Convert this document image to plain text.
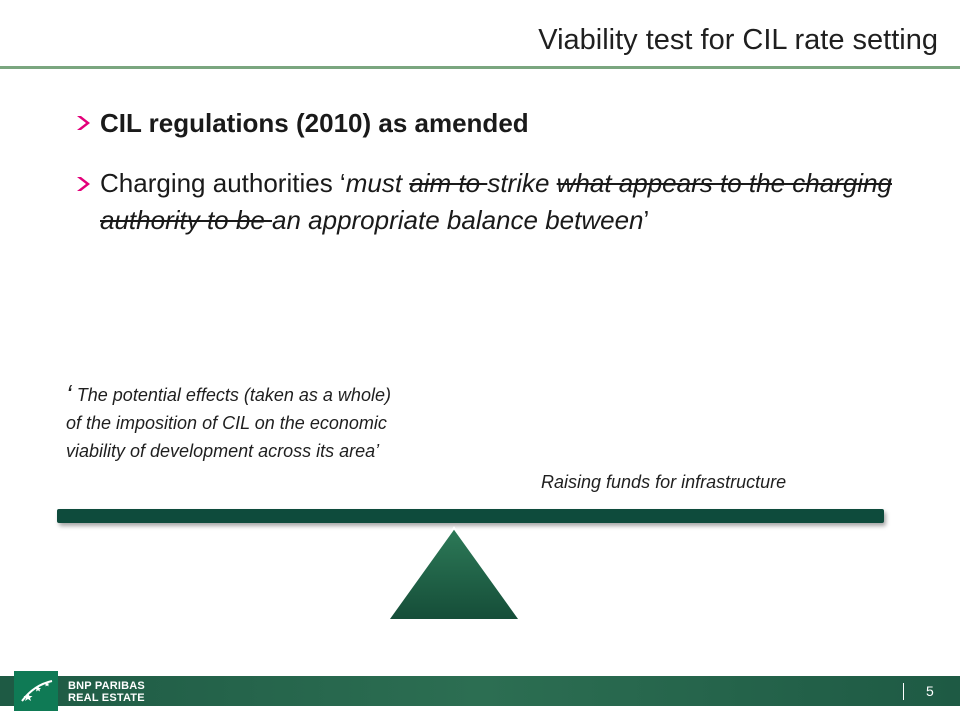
Viability test for CIL rate setting
CIL regulations (2010) as amended
Charging authorities ‘must aim to strike what appears to the charging authority to be an appropriate balance between’
‘ The potential effects (taken as a whole) of the imposition of CIL on the economic viability of development across its area’
Raising funds for infrastructure
BNP PARIBAS
REAL ESTATE	5
